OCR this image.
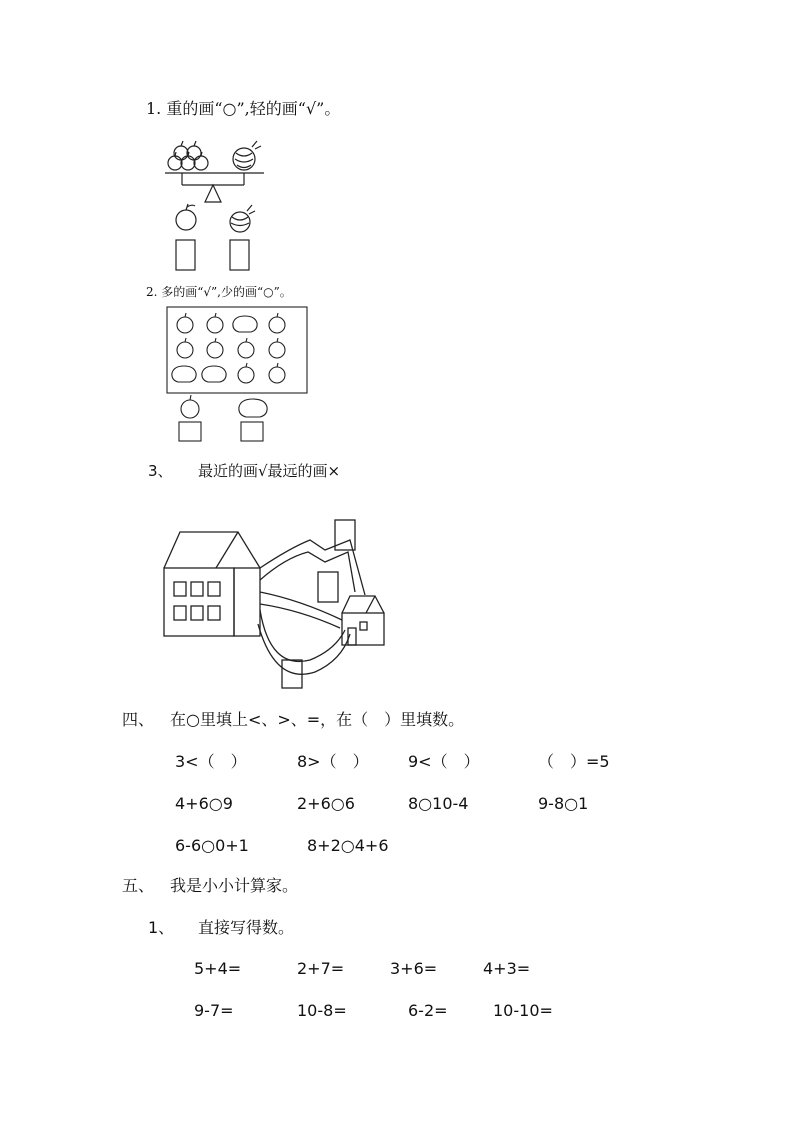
1. 重的画“○”,轻的画“√”。
2. 多的画“√”,少的画“○”。
3、 最近的画√最远的画×
四、 在○里填上<、>、=，在（　）里填数。
3<（　）	8>（　） 9<（　）	（　）=5
4+6○9	2+6○6	8○10-4	9-8○1
6-6○0+1	8+2○4+6
五、 我是小小计算家。
1、 直接写得数。
5+4=	2+7=	3+6=	4+3=
9-7=	10-8=	6-2=	10-10=
